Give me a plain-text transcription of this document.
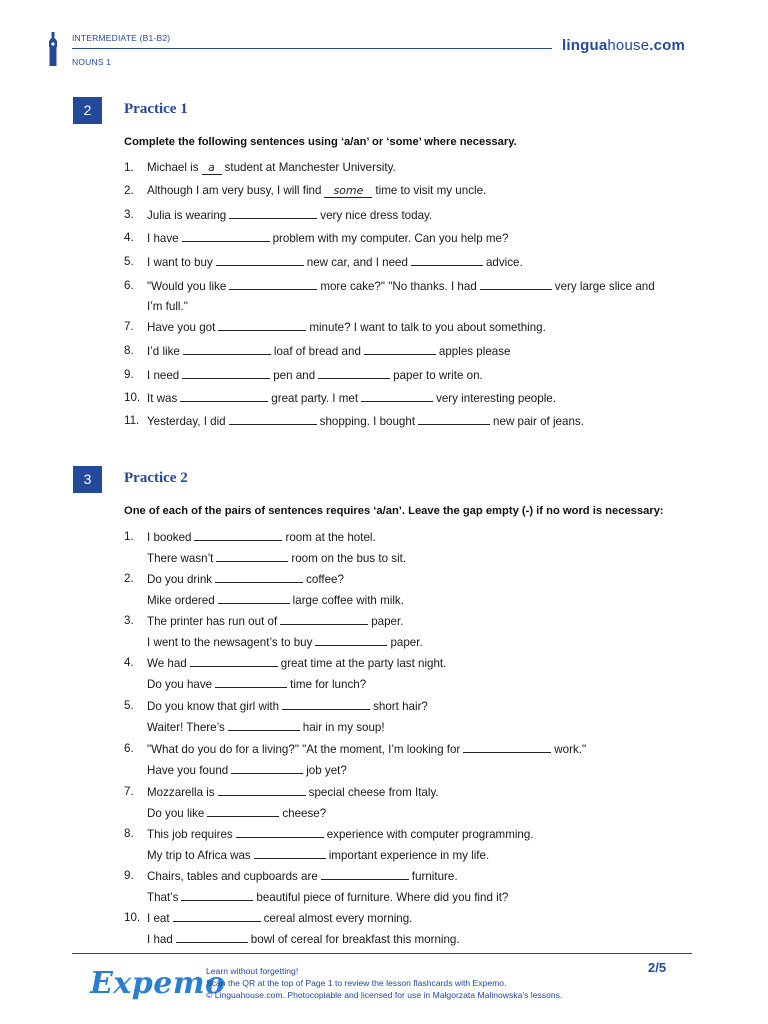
INTERMEDIATE (B1-B2)
NOUNS 1
linguahouse.com
2	Practice 1
Complete the following sentences using ‘a/an’ or ‘some’ where necessary.
1. Michael is a student at Manchester University.
2. Although I am very busy, I will find some time to visit my uncle.
3. Julia is wearing	very nice dress today.
4. I have	problem with my computer. Can you help me?
5. I want to buy	new car, and I need	advice.
6. "Would you like	more cake?" "No thanks. I had	very large slice and
I’m full."
7. Have you got	minute? I want to talk to you about something.
8. I’d like	loaf of bread and	apples please
9. I need	pen and	paper to write on.
10. It was	great party. I met	very interesting people.
11. Yesterday, I did	shopping. I bought	new pair of jeans.
3	Practice 2
One of each of the pairs of sentences requires ‘a/an’. Leave the gap empty (-) if no word is necessary:
1. I booked	room at the hotel.
There wasn’t	room on the bus to sit.
2. Do you drink	coffee?
Mike ordered	large coffee with milk.
3. The printer has run out of	paper.
I went to the newsagent’s to buy	paper.
4. We had	great time at the party last night.
Do you have	time for lunch?
5. Do you know that girl with	short hair?
Waiter! There’s	hair in my soup!
6. "What do you do for a living?" "At the moment, I’m looking for	work."
Have you found	job yet?
7. Mozzarella is	special cheese from Italy.
Do you like	cheese?
8. This job requires	experience with computer programming.
My trip to Africa was	important experience in my life.
9. Chairs, tables and cupboards are	furniture.
That’s	beautiful piece of furniture. Where did you find it?
10. I eat	cereal almost every morning.
I had	bowl of cereal for breakfast this morning.
Expemo
Learn without forgetting!
Scan the QR at the top of Page 1 to review the lesson flashcards with Expemo.
© Linguahouse.com. Photocopiable and licensed for use in Małgorzata Malinowska’s lessons.
2/5
